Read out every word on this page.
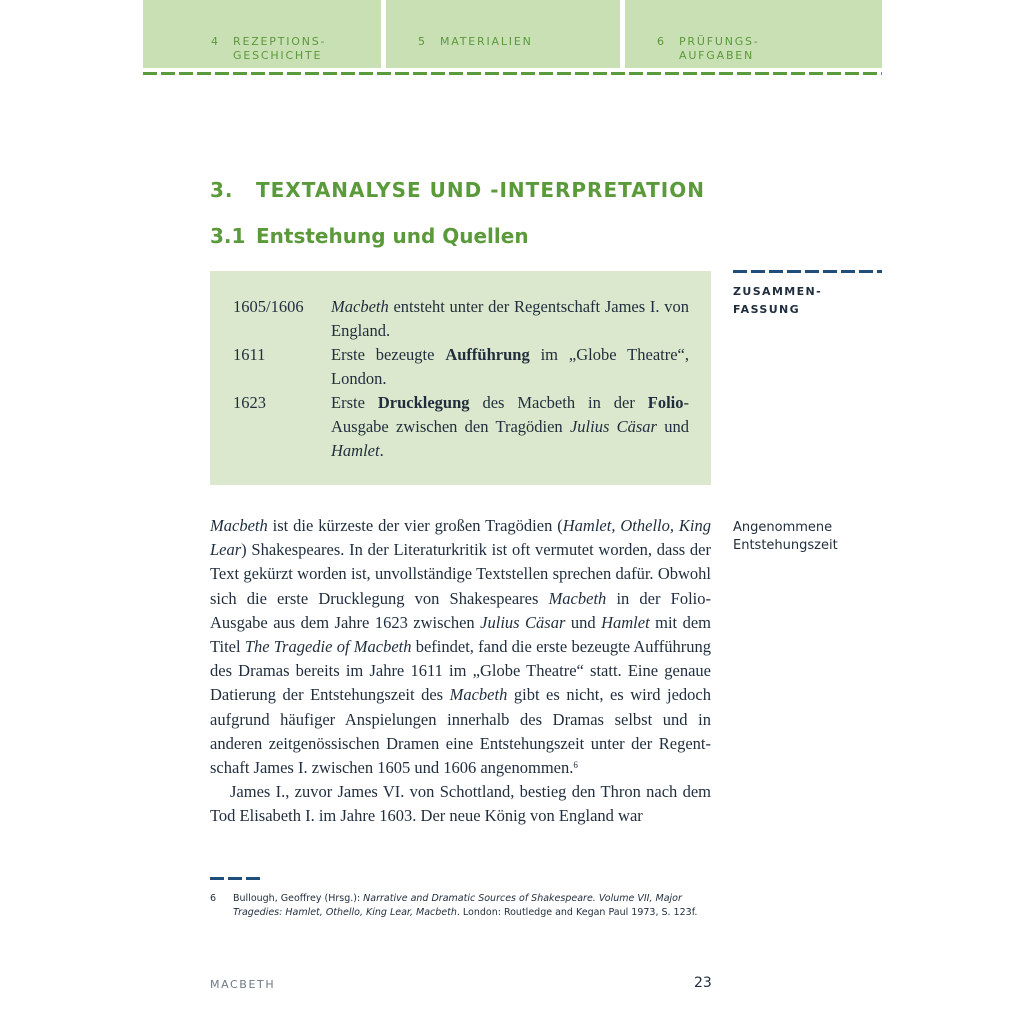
4 REZEPTIONS-
GESCHICHTE
5 MATERIALIEN	6 PRÜFUNGS-
AUFGABEN
3. TEXTANALYSE UND -INTERPRETATION
3.1 Entstehung und Quellen
1605/1606	Macbeth entsteht unter der Regentschaft James I. von England.
1611	Erste bezeugte Aufführung im „Globe Theatre“, London.
1623	Erste Drucklegung des Macbeth in der Folio-Ausgabe zwischen den Tragödien Julius Cäsar und Hamlet.
ZUSAMMEN-
FASSUNG
Angenommene
Entstehungszeit

Macbeth ist die kürzeste der vier großen Tragödien (Hamlet, Othello, King Lear) Shakespeares. In der Literaturkritik ist oft vermutet worden, dass der Text gekürzt worden ist, unvollständige Textstellen sprechen dafür. Obwohl sich die erste Drucklegung von Shakespeares Macbeth in der Folio-Ausgabe aus dem Jahre 1623 zwischen Julius Cäsar und Hamlet mit dem Titel The Tragedie of Macbeth befindet, fand die erste bezeugte Aufführung des Dramas bereits im Jahre 1611 im „Globe Theatre“ statt. Eine genaue Datierung der Entstehungszeit des Macbeth gibt es nicht, es wird jedoch aufgrund häufiger Anspielungen innerhalb des Dramas selbst und in anderen zeitgenössischen Dramen eine Entstehungszeit unter der Regentschaft James I. zwischen 1605 und 1606 angenommen.$^6$

James I., zuvor James VI. von Schottland, bestieg den Thron nach dem Tod Elisabeth I. im Jahre 1603. Der neue König von England war

6 Bullough, Geoffrey (Hrsg.): Narrative and Dramatic Sources of Shakespeare. Volume VII, Major Tragedies: Hamlet, Othello, King Lear, Macbeth. London: Routledge and Kegan Paul 1973, S. 123f.
MACBETH	23
